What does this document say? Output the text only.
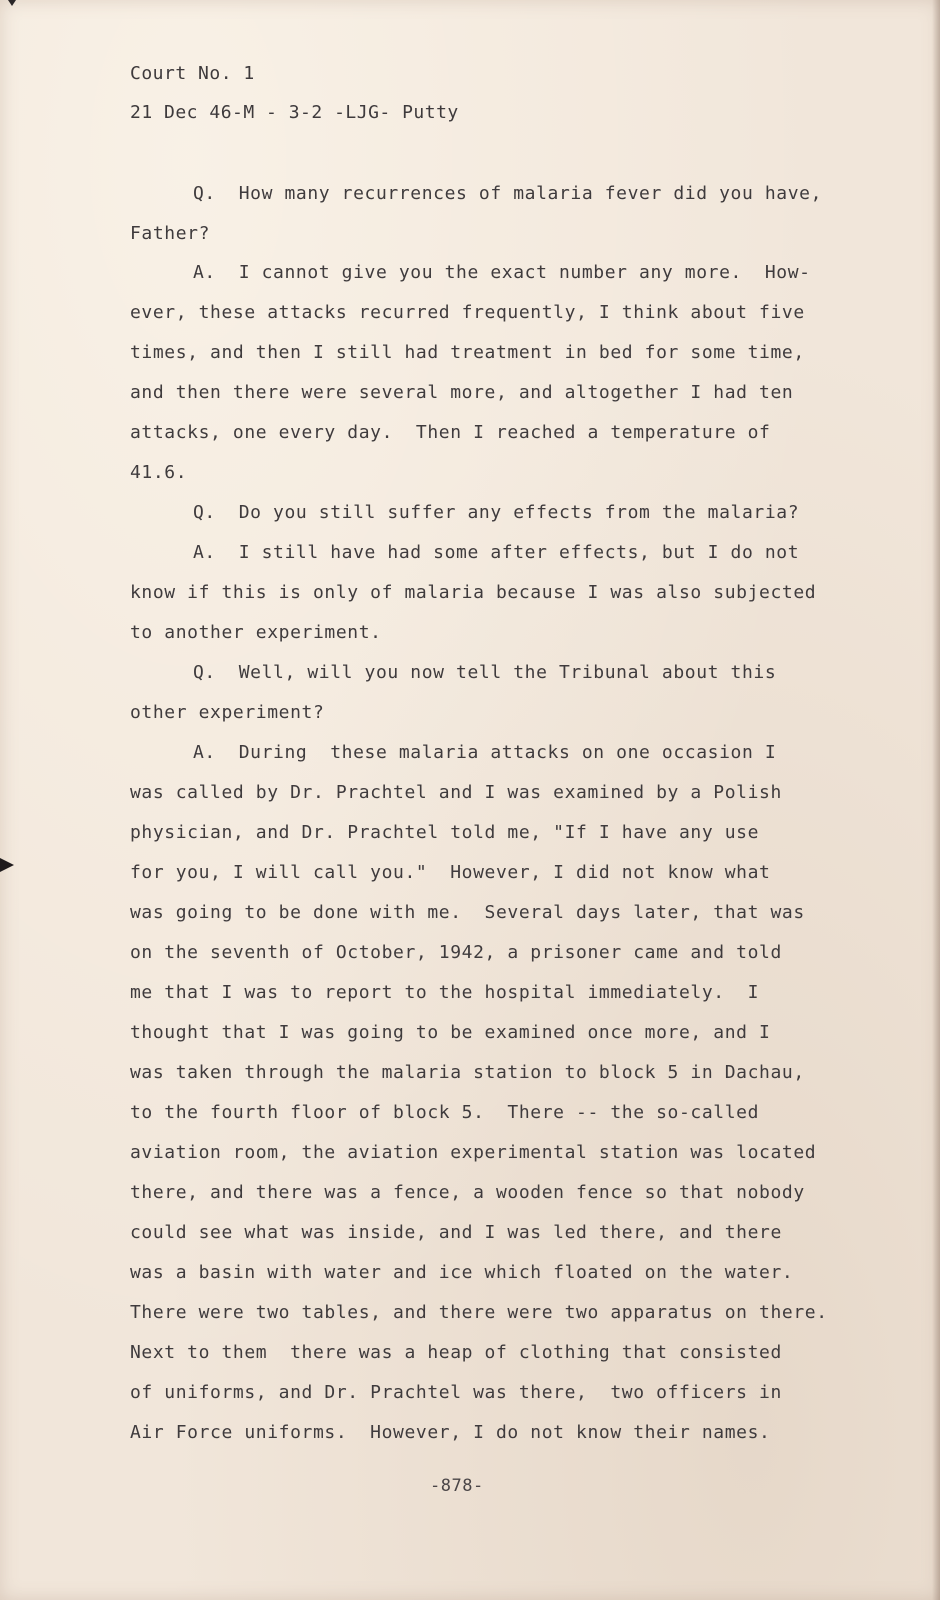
Court No. 1
21 Dec 46-M - 3-2 -LJG- Putty
Q.  How many recurrences of malaria fever did you have,
Father?
A.  I cannot give you the exact number any more.  How-
ever, these attacks recurred frequently, I think about five
times, and then I still had treatment in bed for some time,
and then there were several more, and altogether I had ten
attacks, one every day.  Then I reached a temperature of
41.6.
Q.  Do you still suffer any effects from the malaria?
A.  I still have had some after effects, but I do not
know if this is only of malaria because I was also subjected
to another experiment.
Q.  Well, will you now tell the Tribunal about this
other experiment?
A.  During  these malaria attacks on one occasion I
was called by Dr. Prachtel and I was examined by a Polish
physician, and Dr. Prachtel told me, "If I have any use
for you, I will call you."  However, I did not know what
was going to be done with me.  Several days later, that was
on the seventh of October, 1942, a prisoner came and told
me that I was to report to the hospital immediately.  I
thought that I was going to be examined once more, and I
was taken through the malaria station to block 5 in Dachau,
to the fourth floor of block 5.  There -- the so-called
aviation room, the aviation experimental station was located
there, and there was a fence, a wooden fence so that nobody
could see what was inside, and I was led there, and there
was a basin with water and ice which floated on the water.
There were two tables, and there were two apparatus on there.
Next to them  there was a heap of clothing that consisted
of uniforms, and Dr. Prachtel was there,  two officers in
Air Force uniforms.  However, I do not know their names.
-878-
